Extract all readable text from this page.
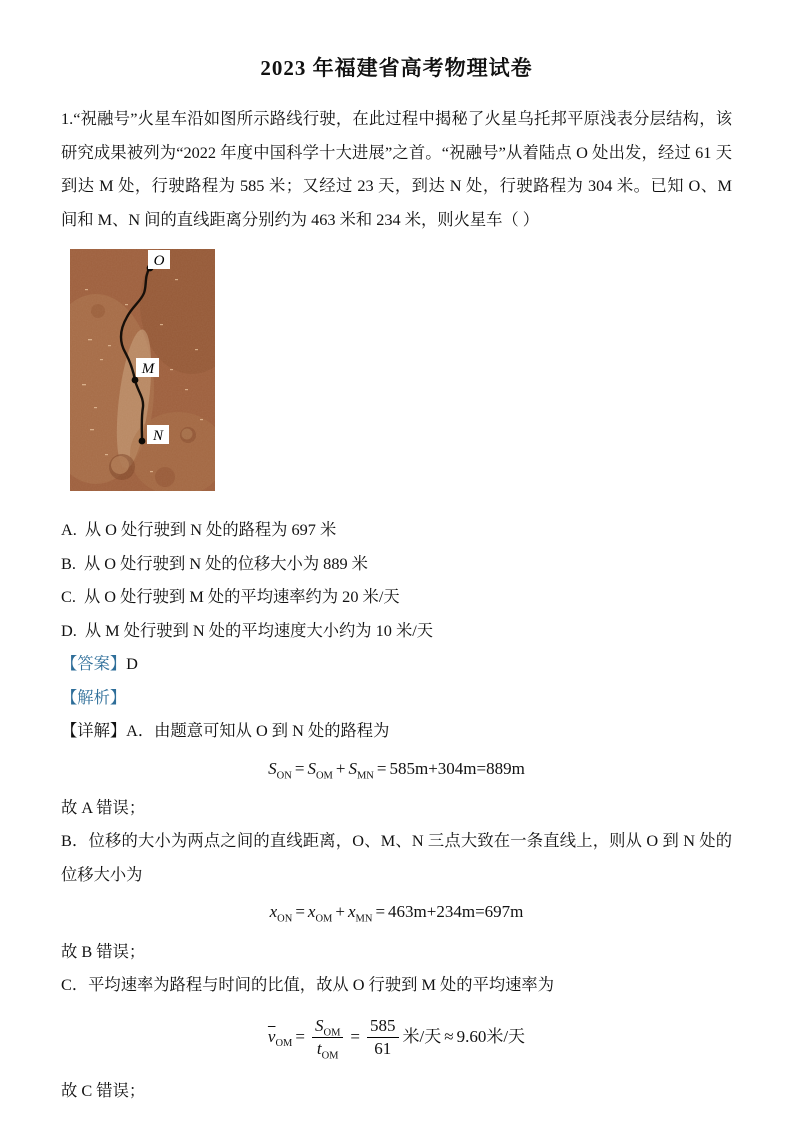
2023 年福建省高考物理试卷
1.“祝融号”火星车沿如图所示路线行驶，在此过程中揭秘了火星乌托邦平原浅表分层结构，该研究成果被列为“2022 年度中国科学十大进展”之首。“祝融号”从着陆点 O 处出发，经过 61 天到达 M 处，行驶路程为 585 米；又经过 23 天，到达 N 处，行驶路程为 304 米。已知 O、M 间和 M、N 间的直线距离分别约为 463 米和 234 米，则火星车（ ）
O
M
N
A. 从 O 处行驶到 N 处的路程为 697 米
B. 从 O 处行驶到 N 处的位移大小为 889 米
C. 从 O 处行驶到 M 处的平均速率约为 20 米/天
D. 从 M 处行驶到 N 处的平均速度大小约为 10 米/天
【答案】D
【解析】
【详解】A．由题意可知从 O 到 N 处的路程为
$S_{ON} = S_{OM} + S_{MN} = 585m+304m=889m$
故 A 错误；
B．位移的大小为两点之间的直线距离，O、M、N 三点大致在一条直线上，则从 O 到 N 处的位移大小为
$x_{ON} = x_{OM} + x_{MN} = 463m+234m=697m$
故 B 错误；
C．平均速率为路程与时间的比值，故从 O 行驶到 M 处的平均速率为
$\overline{v}_{OM} = \frac{S_{OM}}{t_{OM}} = \frac{585}{61}$ 米/天 ≈ 9.60米/天
故 C 错误；
